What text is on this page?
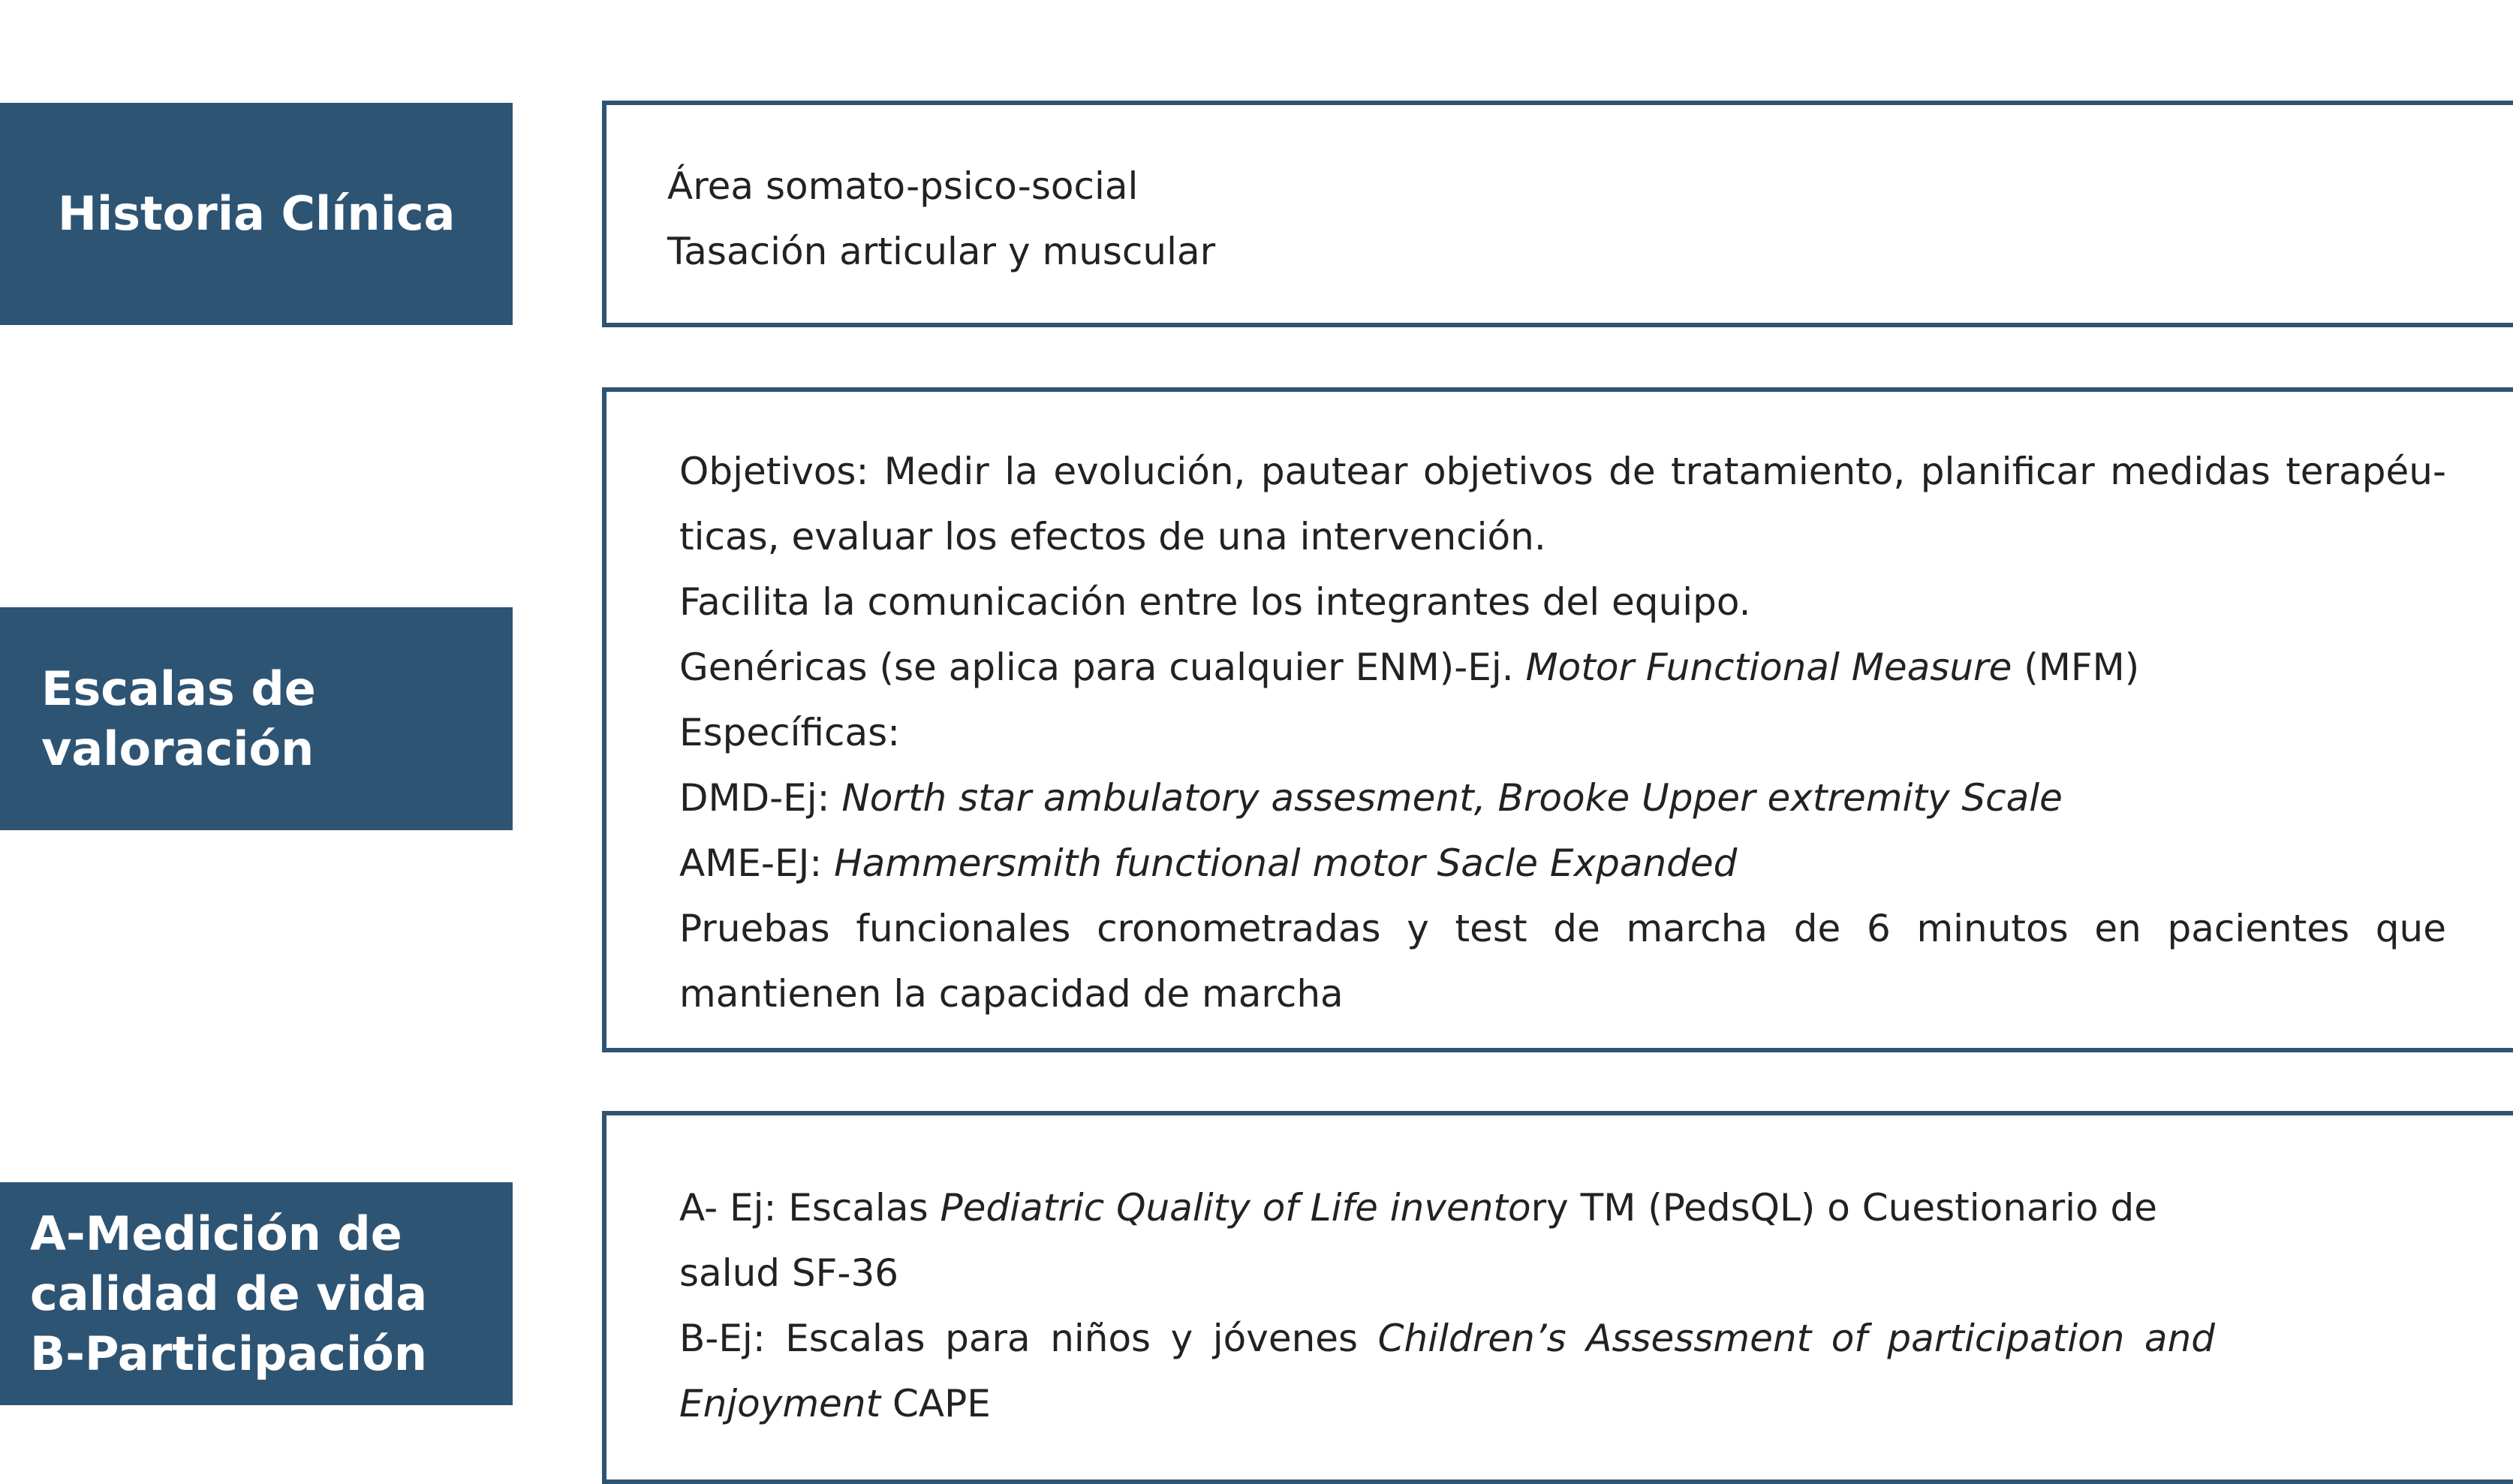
Historia Clínica	Área somato-psico-social
Tasación articular y muscular
Escalas de
valoración
Objetivos: Medir la evolución, pautear objetivos de tratamiento, planificar medidas terapéu-
ticas, evaluar los efectos de una intervención.
Facilita la comunicación entre los integrantes del equipo.
Genéricas (se aplica para cualquier ENM)-Ej. Motor Functional Measure (MFM)
Específicas:
DMD-Ej: North star ambulatory assesment, Brooke Upper extremity Scale
AME-EJ: Hammersmith functional motor Sacle Expanded
Pruebas funcionales cronometradas y test de marcha de 6 minutos en pacientes que
mantienen la capacidad de marcha
A-Medición de
calidad de vida
B-Participación
A- Ej: Escalas Pediatric Quality of Life inventory TM (PedsQL) o Cuestionario de
salud SF-36
B-Ej: Escalas para niños y jóvenes Children’s Assessment of participation and
Enjoyment CAPE
